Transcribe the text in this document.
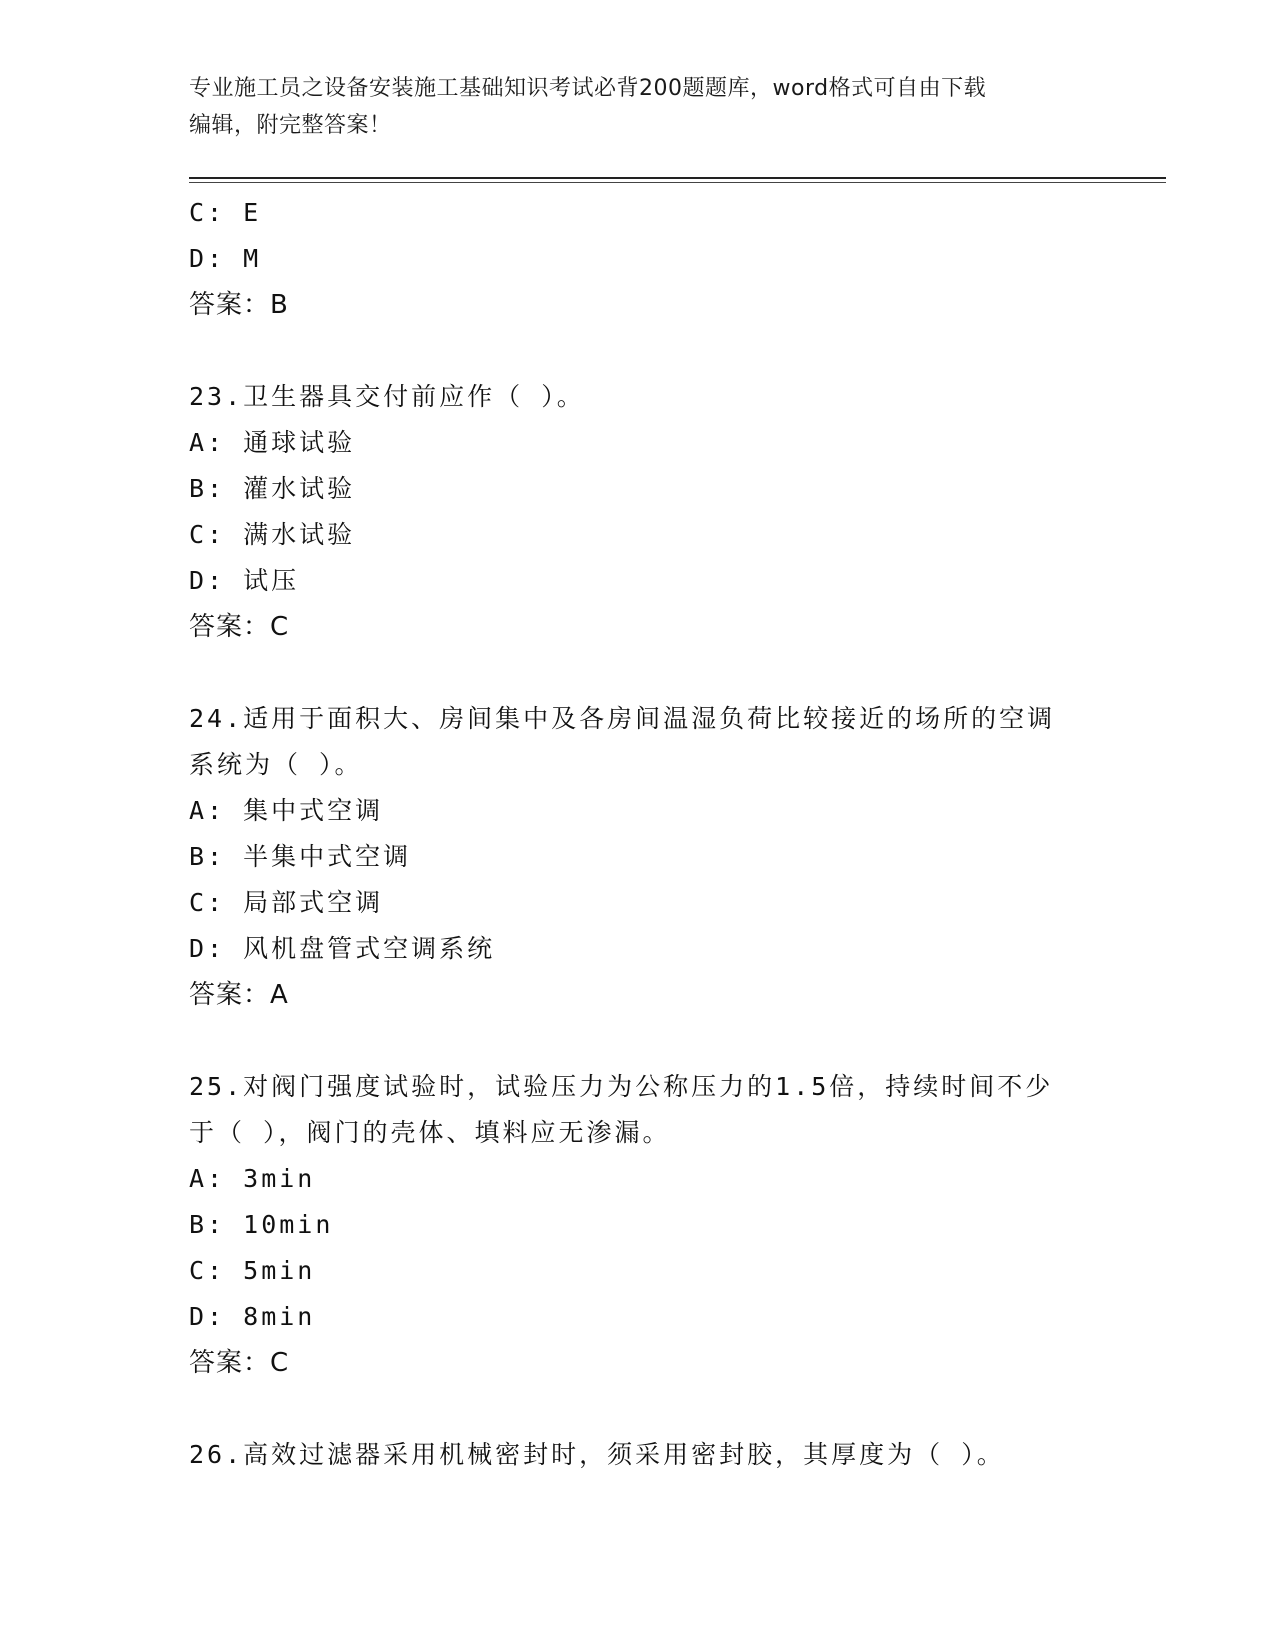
专业施工员之设备安装施工基础知识考试必背200题题库，word格式可自由下载
编辑，附完整答案！
C: E
D: M
答案：B
23.卫生器具交付前应作（ ）。
A: 通球试验
B: 灌水试验
C: 满水试验
D: 试压
答案：C
24.适用于面积大、房间集中及各房间温湿负荷比较接近的场所的空调
系统为（ ）。
A: 集中式空调
B: 半集中式空调
C: 局部式空调
D: 风机盘管式空调系统
答案：A
25.对阀门强度试验时，试验压力为公称压力的1.5倍，持续时间不少
于（ ），阀门的壳体、填料应无渗漏。
A: 3min
B: 10min
C: 5min
D: 8min
答案：C
26.高效过滤器采用机械密封时，须采用密封胶，其厚度为（ ）。
